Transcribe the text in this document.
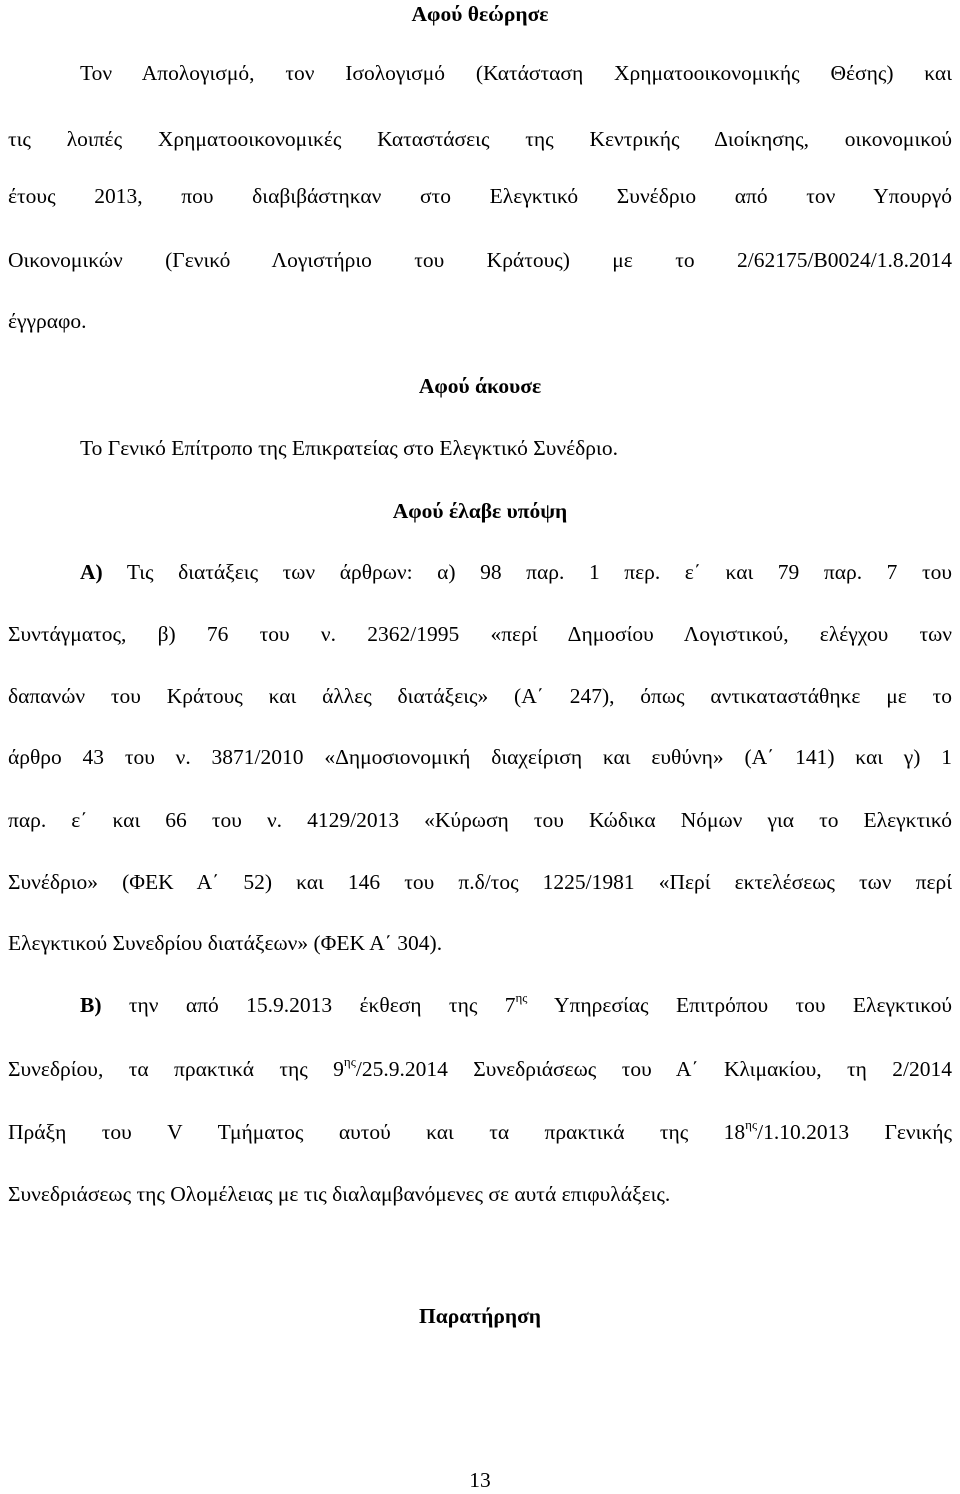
Αφού θεώρησε
Τον Απολογισμό, τον Ισολογισμό (Κατάσταση Χρηματοοικονομικής Θέσης) και
τις λοιπές Χρηματοοικονομικές Καταστάσεις της Κεντρικής Διοίκησης, οικονομικού
έτους 2013, που διαβιβάστηκαν στο Ελεγκτικό Συνέδριο από τον Υπουργό
Οικονομικών (Γενικό Λογιστήριο του Κράτους) με το 2/62175/Β0024/1.8.2014
έγγραφο.
Αφού άκουσε
Το Γενικό Επίτροπο της Επικρατείας στο Ελεγκτικό Συνέδριο.
Αφού έλαβε υπόψη
Α) Τις διατάξεις των άρθρων: α) 98 παρ. 1 περ. ε΄ και 79 παρ. 7 του
Συντάγματος, β) 76 του ν. 2362/1995 «περί Δημοσίου Λογιστικού, ελέγχου των
δαπανών του Κράτους και άλλες διατάξεις» (Α΄ 247), όπως αντικαταστάθηκε με το
άρθρο 43 του ν. 3871/2010 «Δημοσιονομική διαχείριση και ευθύνη» (Α΄ 141) και γ) 1
παρ. ε΄ και 66 του ν. 4129/2013 «Κύρωση του Κώδικα Νόμων για το Ελεγκτικό
Συνέδριο» (ΦΕΚ Α΄ 52) και 146 του π.δ/τος 1225/1981 «Περί εκτελέσεως των περί
Ελεγκτικού Συνεδρίου διατάξεων» (ΦΕΚ Α΄ 304).
Β) την από 15.9.2013 έκθεση της $7^{\eta\varsigma}$ Υπηρεσίας Επιτρόπου του Ελεγκτικού
Συνεδρίου, τα πρακτικά της $9^{\eta\varsigma}/25.9.2014$ Συνεδριάσεως του Α΄ Κλιμακίου, τη 2/2014
Πράξη του V Τμήματος αυτού και τα πρακτικά της $18^{\eta\varsigma}/1.10.2013$ Γενικής
Συνεδριάσεως της Ολομέλειας με τις διαλαμβανόμενες σε αυτά επιφυλάξεις.
Παρατήρηση
13
